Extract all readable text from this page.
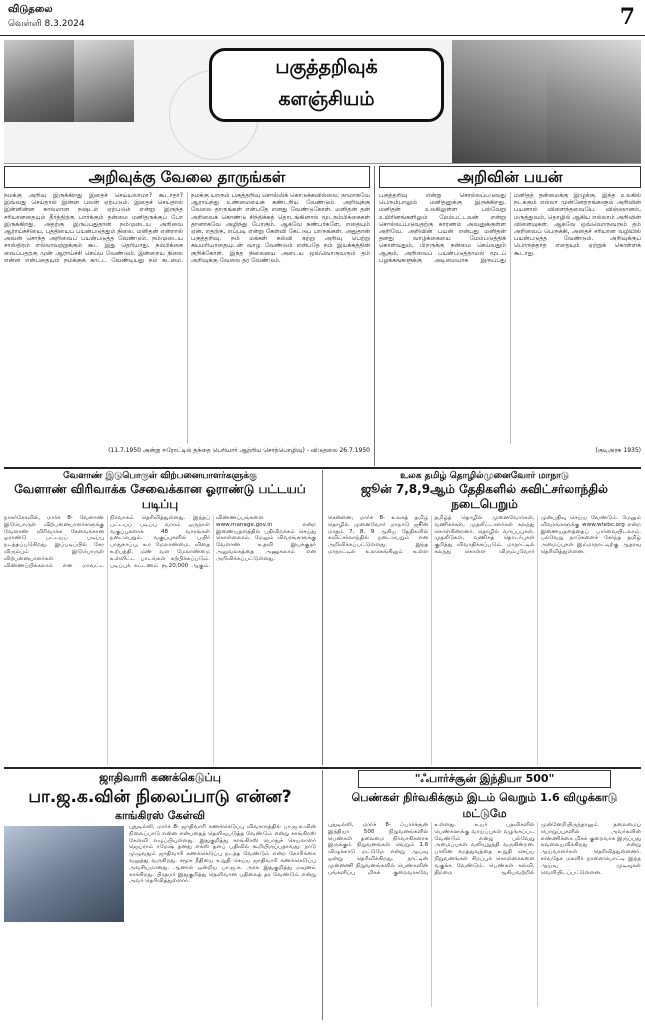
விடுதலை
வெள்ளி 8.3.2024	7
பகுத்தறிவுக்
களஞ்சியம்
அறிவுக்கு வேலை தாருங்கள்
நமக்கு அறிவு இருக்கிறது இதைச் செய்யலாமா? கூடாதா? இவ்வது செய்தால் இன்ன பலன் ஏற்படும். இதைச் செய்தால் இன்னின்ன காலமான நஷ்டம் ஏற்படும் என்று இருந்த சரியானதையும் தீர்த்திற்கு பார்க்கும் தன்மை மனிதருக்குப் போ இருக்கிறது. அதற்கு இருப்பதுதான் நம்முடைய அறிவை ஆராய்ச்சியை, புத்தியைப் பயன்படுத்தும் நிலை. மனிதன் என்றால் அவன் சொந்த அறிவைப் பயன்படுத்த வேண்டும். நம்முடைய சாஸ்திரம் எல்லாவற்றுக்கும் கூட இது தெரியாது. நம்பிக்கை வைப்பதற்கு முன் ஆராய்ச்சி செய்ய வேண்டும். இன்றைய நிலை என்ன என்பதையும் நமக்குக் காட்ட வேண்டியது நம் கடமை. நமக்கு யாரும் பகுத்தறிவு சொல்லிக் கொடுக்கவில்லை; நாமாகவே ஆராய்ந்து உண்மையைக் கண்டறிய வேண்டும். அறிவுக்கு வேலை தாருங்கள் என்பதே எனது வேண்டுகோள். மனிதன் தன் அறிவைக் கொண்டு சிந்திக்கத் தொடங்கினால் மூடநம்பிக்கைகள் தானாகவே அழிந்து போகும். ஆகவே நண்பர்களே, எதையும் ஏன், எதற்கு, எப்படி என்று கேள்வி கேட்டுப் பாருங்கள். அதுதான் பகுத்தறிவு. நம் மக்கள் கல்வி கற்று அறிவு பெற்று சுயமரியாதையுடன் வாழ வேண்டும் என்பதே நம் இயக்கத்தின் குறிக்கோள். இந்த நிலையை அடைய ஒவ்வொருவரும் தம் அறிவுக்கு வேலை தர வேண்டும்.
(11.7.1950 அன்று ஈரோட்டில் தந்தை பெரியார் ஆற்றிய சொற்பொழிவு) - விடுதலை 26.7.1950
அறிவின் பயன்
பகுத்தறிவு என்று சொல்லப்படுவது பெரும்பாலும் மனிதனுக்கு இருக்கிறது. மனிதன் உலகிலுள்ள பல்வேறு உயிரினங்களிலும் மேம்பட்டவன் என்று சொல்லப்படுவதற்கு காரணம் அவனுக்குள்ள அறிவே. அறிவின் பயன் என்பது மனிதன் தனது வாழ்க்கையை மேம்படுத்திக் கொள்வதும், பிறருக்கு நன்மை செய்வதும் ஆகும். அறிவைப் பயன்படுத்தாமல் மூடப் பழக்கங்களுக்கு அடிமையாக இருப்பது மனிதத் தன்மைக்கு இழுக்கு. இந்த உலகில் நடக்கும் எல்லா முன்னேற்றங்களும் அறிவின் பயனால் விளைந்தவையே. விஞ்ஞானம், மருத்துவம், தொழில் ஆகிய எல்லாம் அறிவின் விளைவுகள். ஆகவே ஒவ்வொருவரும் தம் அறிவைப் பெருக்கி, அதைச் சரியான வழியில் பயன்படுத்த வேண்டும். அறிவுக்குப் பொருந்தாத எதையும் ஏற்றுக் கொள்ளக் கூடாது.
(குடிஅரசு 1935)
வேளாண் இடுபொருள் விற்பனையாளர்களுக்கு
வேளாண் விரிவாக்க சேவைக்கான ஓராண்டு பட்டயப் படிப்பு
நாகர்கோவில், மார்ச் 8- வேளாண் இடுபொருள் விற்பனையாளர்களுக்கு வேளாண் விரிவாக்க சேவைக்கான ஓராண்டு பட்டயப் படிப்பு நடத்தப்படுகிறது. இப்படிப்பில் சேர விரும்பும் இடுபொருள் விற்பனையாளர்கள் விண்ணப்பிக்கலாம் என மாவட்ட நிர்வாகம் தெரிவித்துள்ளது. இந்தப் பட்டயப் படிப்பு வாரம் ஒருநாள் வகுப்புகளாக 48 வாரங்கள் நடைபெறும். வகுப்புகளில் பயிர் பாதுகாப்பு, உர மேலாண்மை, விதை உற்பத்தி, மண் வள மேலாண்மை உள்ளிட்ட பாடங்கள் கற்பிக்கப்படும். படிப்புக் கட்டணம் ரூ.20,000 ஆகும். விண்ணப்பங்களை www.manage.gov.in என்ற இணையதளத்தில் பதிவிறக்கம் செய்து கொள்ளலாம். மேலும் விவரங்களுக்கு வேளாண் உதவி இயக்குநர் அலுவலகத்தை அணுகலாம் என அறிவிக்கப்பட்டுள்ளது.
உலக தமிழ் தொழில்முனைவோர் மாநாடு
ஜூன் 7,8,9ஆம் தேதிகளில் சுவிட்சர்லாந்தில் நடைபெறும்
சென்னை, மார்ச் 8- உலகத் தமிழ் தொழில் முனைவோர் மாநாடு ஜூன் மாதம் 7, 8, 9 ஆகிய தேதிகளில் சுவிட்சர்லாந்தில் நடைபெறும் என அறிவிக்கப்பட்டுள்ளது. இந்த மாநாட்டில் உலகெங்கிலும் உள்ள தமிழ்த் தொழில் முனைவோர்கள், வணிகர்கள், முதலீட்டாளர்கள் கலந்து கொள்கின்றனர். தொழில் வாய்ப்புகள், முதலீடுகள், வணிகத் தொடர்புகள் குறித்து விவாதிக்கப்படும். மாநாட்டில் கலந்து கொள்ள விரும்புவோர் முன்பதிவு செய்ய வேண்டும். மேலும் விவரங்களுக்கு www.wtebc.org என்ற இணையதளத்தைப் பார்வையிடலாம். பல்வேறு நாடுகளைச் சேர்ந்த தமிழ் அமைப்புகள் இம்மாநாட்டிற்கு ஆதரவு தெரிவித்துள்ளன.
ஜாதிவாரி கணக்கெடுப்பு
பா.ஜ.க.வின் நிலைப்பாடு என்ன?
காங்கிரஸ் கேள்வி
புதுடில்லி, மார்ச் 8- ஜாதிவாரி கணக்கெடுப்பு விவகாரத்தில் பா.ஜ.க.வின் நிலைப்பாடு என்ன என்பதைத் தெளிவுபடுத்த வேண்டும் என்று காங்கிரஸ் கேள்வி எழுப்பியுள்ளது. இதுகுறித்து காங்கிரஸ் பொதுச் செயலாளர் ஜெய்ராம் ரமேஷ் தனது எக்ஸ் தளப் பதிவில் கூறியிருப்பதாவது: நாடு முழுவதும் ஜாதிவாரி கணக்கெடுப்பு நடத்த வேண்டும் என்ற கோரிக்கை வலுத்து வருகிறது. சமூக நீதியை உறுதி செய்ய ஜாதிவாரி கணக்கெடுப்பு அவசியமானது. ஆனால் ஒன்றிய பா.ஜ.க. அரசு இதுகுறித்து மவுனம் காக்கிறது. பிரதமர் இதுகுறித்து தெளிவான பதிலைத் தர வேண்டும் என்று அவர் தெரிவித்துள்ளார்.
"ஃபார்ச்சூன் இந்தியா 500"
பெண்கள் நிர்வகிக்கும் இடம் வெறும் 1.6 விழுக்காடு மட்டுமே
புதுடில்லி, மார்ச் 8- ஃபார்ச்சூன் இந்தியா 500 நிறுவனங்களில் பெண்கள் தலைமை நிர்வாகிகளாக இருக்கும் நிறுவனங்கள் வெறும் 1.6 விழுக்காடு மட்டுமே என்று ஆய்வு ஒன்று தெரிவிக்கிறது. நாட்டின் முன்னணி நிறுவனங்களில் பெண்களின் பங்களிப்பு மிகக் குறைவாகவே உள்ளது. உயர் பதவிகளில் பெண்களுக்கு வாய்ப்புகள் வழங்கப்பட வேண்டும் என்று பல்வேறு அமைப்புகள் வலியுறுத்தி வருகின்றன. பாலின சமத்துவத்தை உறுதி செய்ய நிறுவனங்கள் சிறப்புக் கொள்கைகளை வகுக்க வேண்டும். பெண்கள் கல்வி, திறமை ஆகியவற்றில் முன்னேறியிருந்தாலும் தலைமைப் பொறுப்புகளில் அவர்களின் எண்ணிக்கை மிகக் குறைவாக இருப்பது கவலையளிக்கிறது என்று ஆய்வாளர்கள் தெரிவித்துள்ளனர். சர்வதேச மகளிர் நாளையொட்டி இந்த ஆய்வு முடிவுகள் வெளியிடப்பட்டுள்ளன.
